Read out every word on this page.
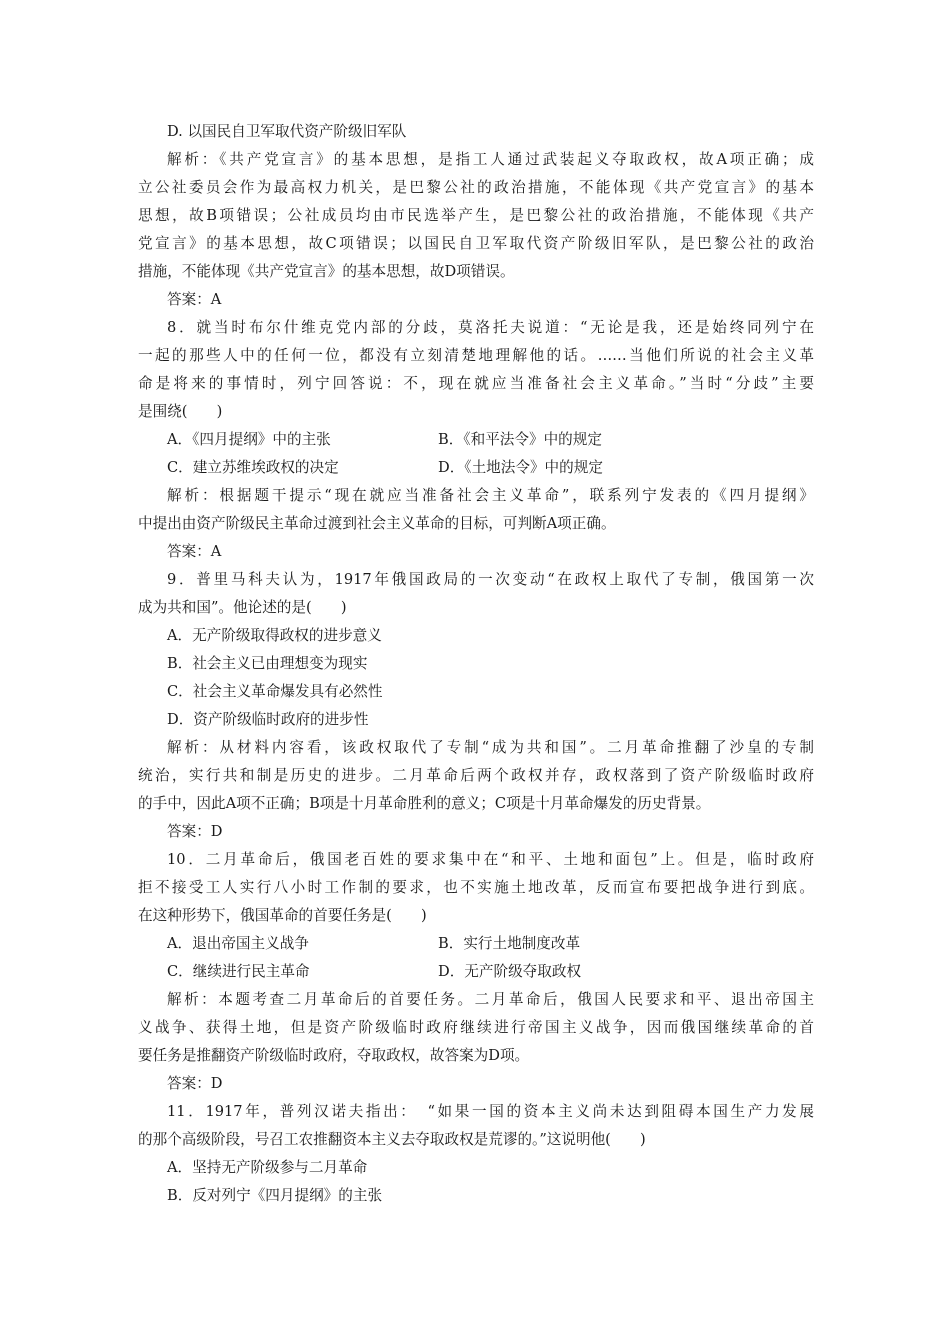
D. 以国民自卫军取代资产阶级旧军队
解析：《共产党宣言》的基本思想，是指工人通过武装起义夺取政权，故A项正确；成
立公社委员会作为最高权力机关，是巴黎公社的政治措施，不能体现《共产党宣言》的基本
思想，故B项错误；公社成员均由市民选举产生，是巴黎公社的政治措施，不能体现《共产
党宣言》的基本思想，故C项错误；以国民自卫军取代资产阶级旧军队，是巴黎公社的政治
措施，不能体现《共产党宣言》的基本思想，故D项错误。
答案：A
8．就当时布尔什维克党内部的分歧，莫洛托夫说道：“无论是我，还是始终同列宁在
一起的那些人中的任何一位，都没有立刻清楚地理解他的话。……当他们所说的社会主义革
命是将来的事情时，列宁回答说：不，现在就应当准备社会主义革命。”当时“分歧”主要
是围绕(　　)
A．《四月提纲》中的主张	B．《和平法令》中的规定
C．建立苏维埃政权的决定	D．《土地法令》中的规定
解析：根据题干提示“现在就应当准备社会主义革命”，联系列宁发表的《四月提纲》
中提出由资产阶级民主革命过渡到社会主义革命的目标，可判断A项正确。
答案：A
9．普里马科夫认为，1917年俄国政局的一次变动“在政权上取代了专制，俄国第一次
成为共和国”。他论述的是(　　)
A．无产阶级取得政权的进步意义
B．社会主义已由理想变为现实
C．社会主义革命爆发具有必然性
D．资产阶级临时政府的进步性
解析：从材料内容看，该政权取代了专制“成为共和国”。二月革命推翻了沙皇的专制
统治，实行共和制是历史的进步。二月革命后两个政权并存，政权落到了资产阶级临时政府
的手中，因此A项不正确；B项是十月革命胜利的意义；C项是十月革命爆发的历史背景。
答案：D
10．二月革命后，俄国老百姓的要求集中在“和平、土地和面包”上。但是，临时政府
拒不接受工人实行八小时工作制的要求，也不实施土地改革，反而宣布要把战争进行到底。
在这种形势下，俄国革命的首要任务是(　　)
A．退出帝国主义战争	B．实行土地制度改革
C．继续进行民主革命	D．无产阶级夺取政权
解析：本题考查二月革命后的首要任务。二月革命后，俄国人民要求和平、退出帝国主
义战争、获得土地，但是资产阶级临时政府继续进行帝国主义战争，因而俄国继续革命的首
要任务是推翻资产阶级临时政府，夺取政权，故答案为D项。
答案：D
11．1917年，普列汉诺夫指出：　“如果一国的资本主义尚未达到阻碍本国生产力发展
的那个高级阶段，号召工农推翻资本主义去夺取政权是荒谬的。”这说明他(　　)
A．坚持无产阶级参与二月革命
B．反对列宁《四月提纲》的主张
